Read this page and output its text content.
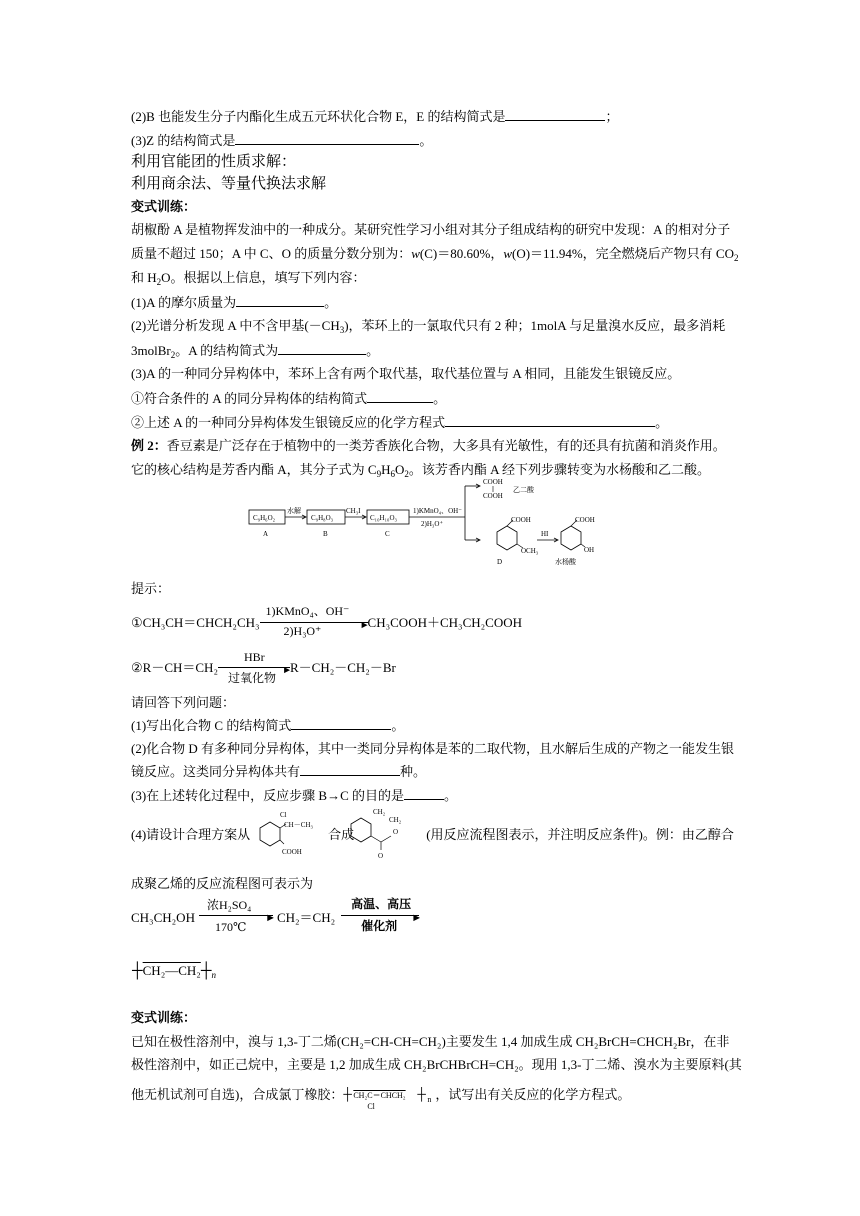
(2)B 也能发生分子内酯化生成五元环状化合物 E，E 的结构简式是	；
(3)Z 的结构简式是	。
利用官能团的性质求解：
利用商余法、等量代换法求解
变式训练：
胡椒酚 A 是植物挥发油中的一种成分。某研究性学习小组对其分子组成结构的研究中发现：A 的相对分子
质量不超过 150；A 中 C、O 的质量分数分别为：w(C)＝80.60%，w(O)＝11.94%，完全燃烧后产物只有 $CO_2$
和 $H_2O$。根据以上信息，填写下列内容：
(1)A 的摩尔质量为	。
(2)光谱分析发现 A 中不含甲基$(-CH_3)$，苯环上的一氯取代只有 2 种；1molA 与足量溴水反应，最多消耗
3molBr$_2$。A 的结构简式为	。
(3)A 的一种同分异构体中，苯环上含有两个取代基，取代基位置与 A 相同，且能发生银镜反应。
①符合条件的 A 的同分异构体的结构简式	。
②上述 A 的一种同分异构体发生银镜反应的化学方程式	。
例 2：香豆素是广泛存在于植物中的一类芳香族化合物，大多具有光敏性，有的还具有抗菌和消炎作用。
它的核心结构是芳香内酯 A，其分子式为 $C_9H_6O_2$。该芳香内酯 A 经下列步骤转变为水杨酸和乙二酸。
C₉H₆O₂
水解
C₉H₈O₃
CH₃I
C₁₀H₁₀O₃
1)KMnO₄、OH⁻
2)H₃O⁺
COOH
COOH
乙二酸
A	B	C
COOH
OCH₃
D
HI
COOH
OH
水杨酸
提示：
①CH₃CH＝CHCH₂CH₃
1)KMnO₄、OH⁻
►
2)H₃O⁺
CH₃COOH＋CH₃CH₂COOH
②R－CH＝CH₂
HBr
►
过氧化物
R－CH₂－CH₂－Br
请回答下列问题：
(1)写出化合物 C 的结构简式	。
(2)化合物 D 有多种同分异构体，其中一类同分异构体是苯的二取代物，且水解后生成的产物之一能发生银
镜反应。这类同分异构体共有	种。
(3)在上述转化过程中，反应步骤 B→C 的目的是	。
(4)请设计合理方案从	合成	(用反应流程图表示，并注明反应条件)。例：由乙醇合
Cl
CH－CH₃
COOH
CH₂
CH₂
O
O
成聚乙烯的反应流程图可表示为
CH₃CH₂OH
浓H₂SO₄
►
170℃
CH₂＝CH₂
高温、高压
►
催化剂
$┼CH_2—CH_2┼_n$
变式训练：
已知在极性溶剂中，溴与 1,3-丁二烯(CH₂=CH-CH=CH₂)主要发生 1,4 加成生成 CH₂BrCH=CHCH₂Br，在非
极性溶剂中，如正己烷中，主要是 1,2 加成生成 CH₂BrCHBrCH=CH₂。现用 1,3-丁二烯、溴水为主要原料(其
他无机试剂可自选)，合成氯丁橡胶： ┼ CH₂C＝CHCH₂ ┼ n
Cl
，试写出有关反应的化学方程式。
